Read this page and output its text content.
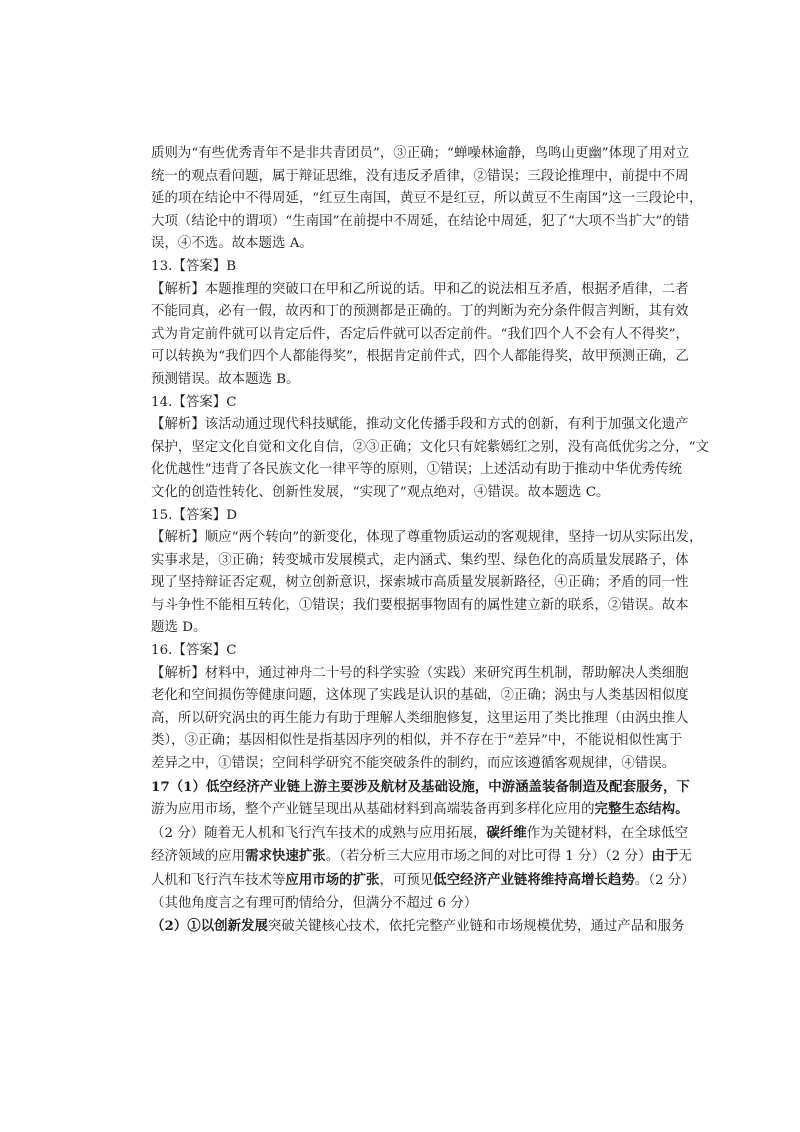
质则为“有些优秀青年不是非共青团员”，③正确；“蝉噪林逾静，鸟鸣山更幽”体现了用对立
统一的观点看问题，属于辩证思维，没有违反矛盾律，②错误；三段论推理中，前提中不周
延的项在结论中不得周延，“红豆生南国，黄豆不是红豆，所以黄豆不生南国”这一三段论中，
大项（结论中的谓项）“生南国”在前提中不周延，在结论中周延，犯了“大项不当扩大”的错
误，④不选。故本题选 A。
13.【答案】B
【解析】本题推理的突破口在甲和乙所说的话。甲和乙的说法相互矛盾，根据矛盾律，二者
不能同真，必有一假，故丙和丁的预测都是正确的。丁的判断为充分条件假言判断，其有效
式为肯定前件就可以肯定后件，否定后件就可以否定前件。“我们四个人不会有人不得奖”，
可以转换为“我们四个人都能得奖”，根据肯定前件式，四个人都能得奖，故甲预测正确，乙
预测错误。故本题选 B。
14.【答案】C
【解析】该活动通过现代科技赋能，推动文化传播手段和方式的创新，有利于加强文化遗产
保护，坚定文化自觉和文化自信，②③正确；文化只有姹紫嫣红之别，没有高低优劣之分，“文
化优越性”违背了各民族文化一律平等的原则，①错误；上述活动有助于推动中华优秀传统
文化的创造性转化、创新性发展，“实现了”观点绝对，④错误。故本题选 C。
15.【答案】D
【解析】顺应“两个转向”的新变化，体现了尊重物质运动的客观规律，坚持一切从实际出发，
实事求是，③正确；转变城市发展模式，走内涵式、集约型、绿色化的高质量发展路子，体
现了坚持辩证否定观，树立创新意识，探索城市高质量发展新路径，④正确；矛盾的同一性
与斗争性不能相互转化，①错误；我们要根据事物固有的属性建立新的联系，②错误。故本
题选 D。
16.【答案】C
【解析】材料中，通过神舟二十号的科学实验（实践）来研究再生机制，帮助解决人类细胞
老化和空间损伤等健康问题，这体现了实践是认识的基础，②正确；涡虫与人类基因相似度
高，所以研究涡虫的再生能力有助于理解人类细胞修复，这里运用了类比推理（由涡虫推人
类），③正确；基因相似性是指基因序列的相似，并不存在于“差异”中，不能说相似性寓于
差异之中，①错误；空间科学研究不能突破条件的制约，而应该遵循客观规律，④错误。
17（1）低空经济产业链上游主要涉及航材及基础设施，中游涵盖装备制造及配套服务，下
游为应用市场，整个产业链呈现出从基础材料到高端装备再到多样化应用的完整生态结构。
（2 分）随着无人机和飞行汽车技术的成熟与应用拓展，碳纤维作为关键材料，在全球低空
经济领域的应用需求快速扩张。（若分析三大应用市场之间的对比可得 1 分）（2 分）由于无
人机和飞行汽车技术等应用市场的扩张，可预见低空经济产业链将维持高增长趋势。（2 分）
（其他角度言之有理可酌情给分，但满分不超过 6 分）
（2）①以创新发展突破关键核心技术，依托完整产业链和市场规模优势，通过产品和服务
